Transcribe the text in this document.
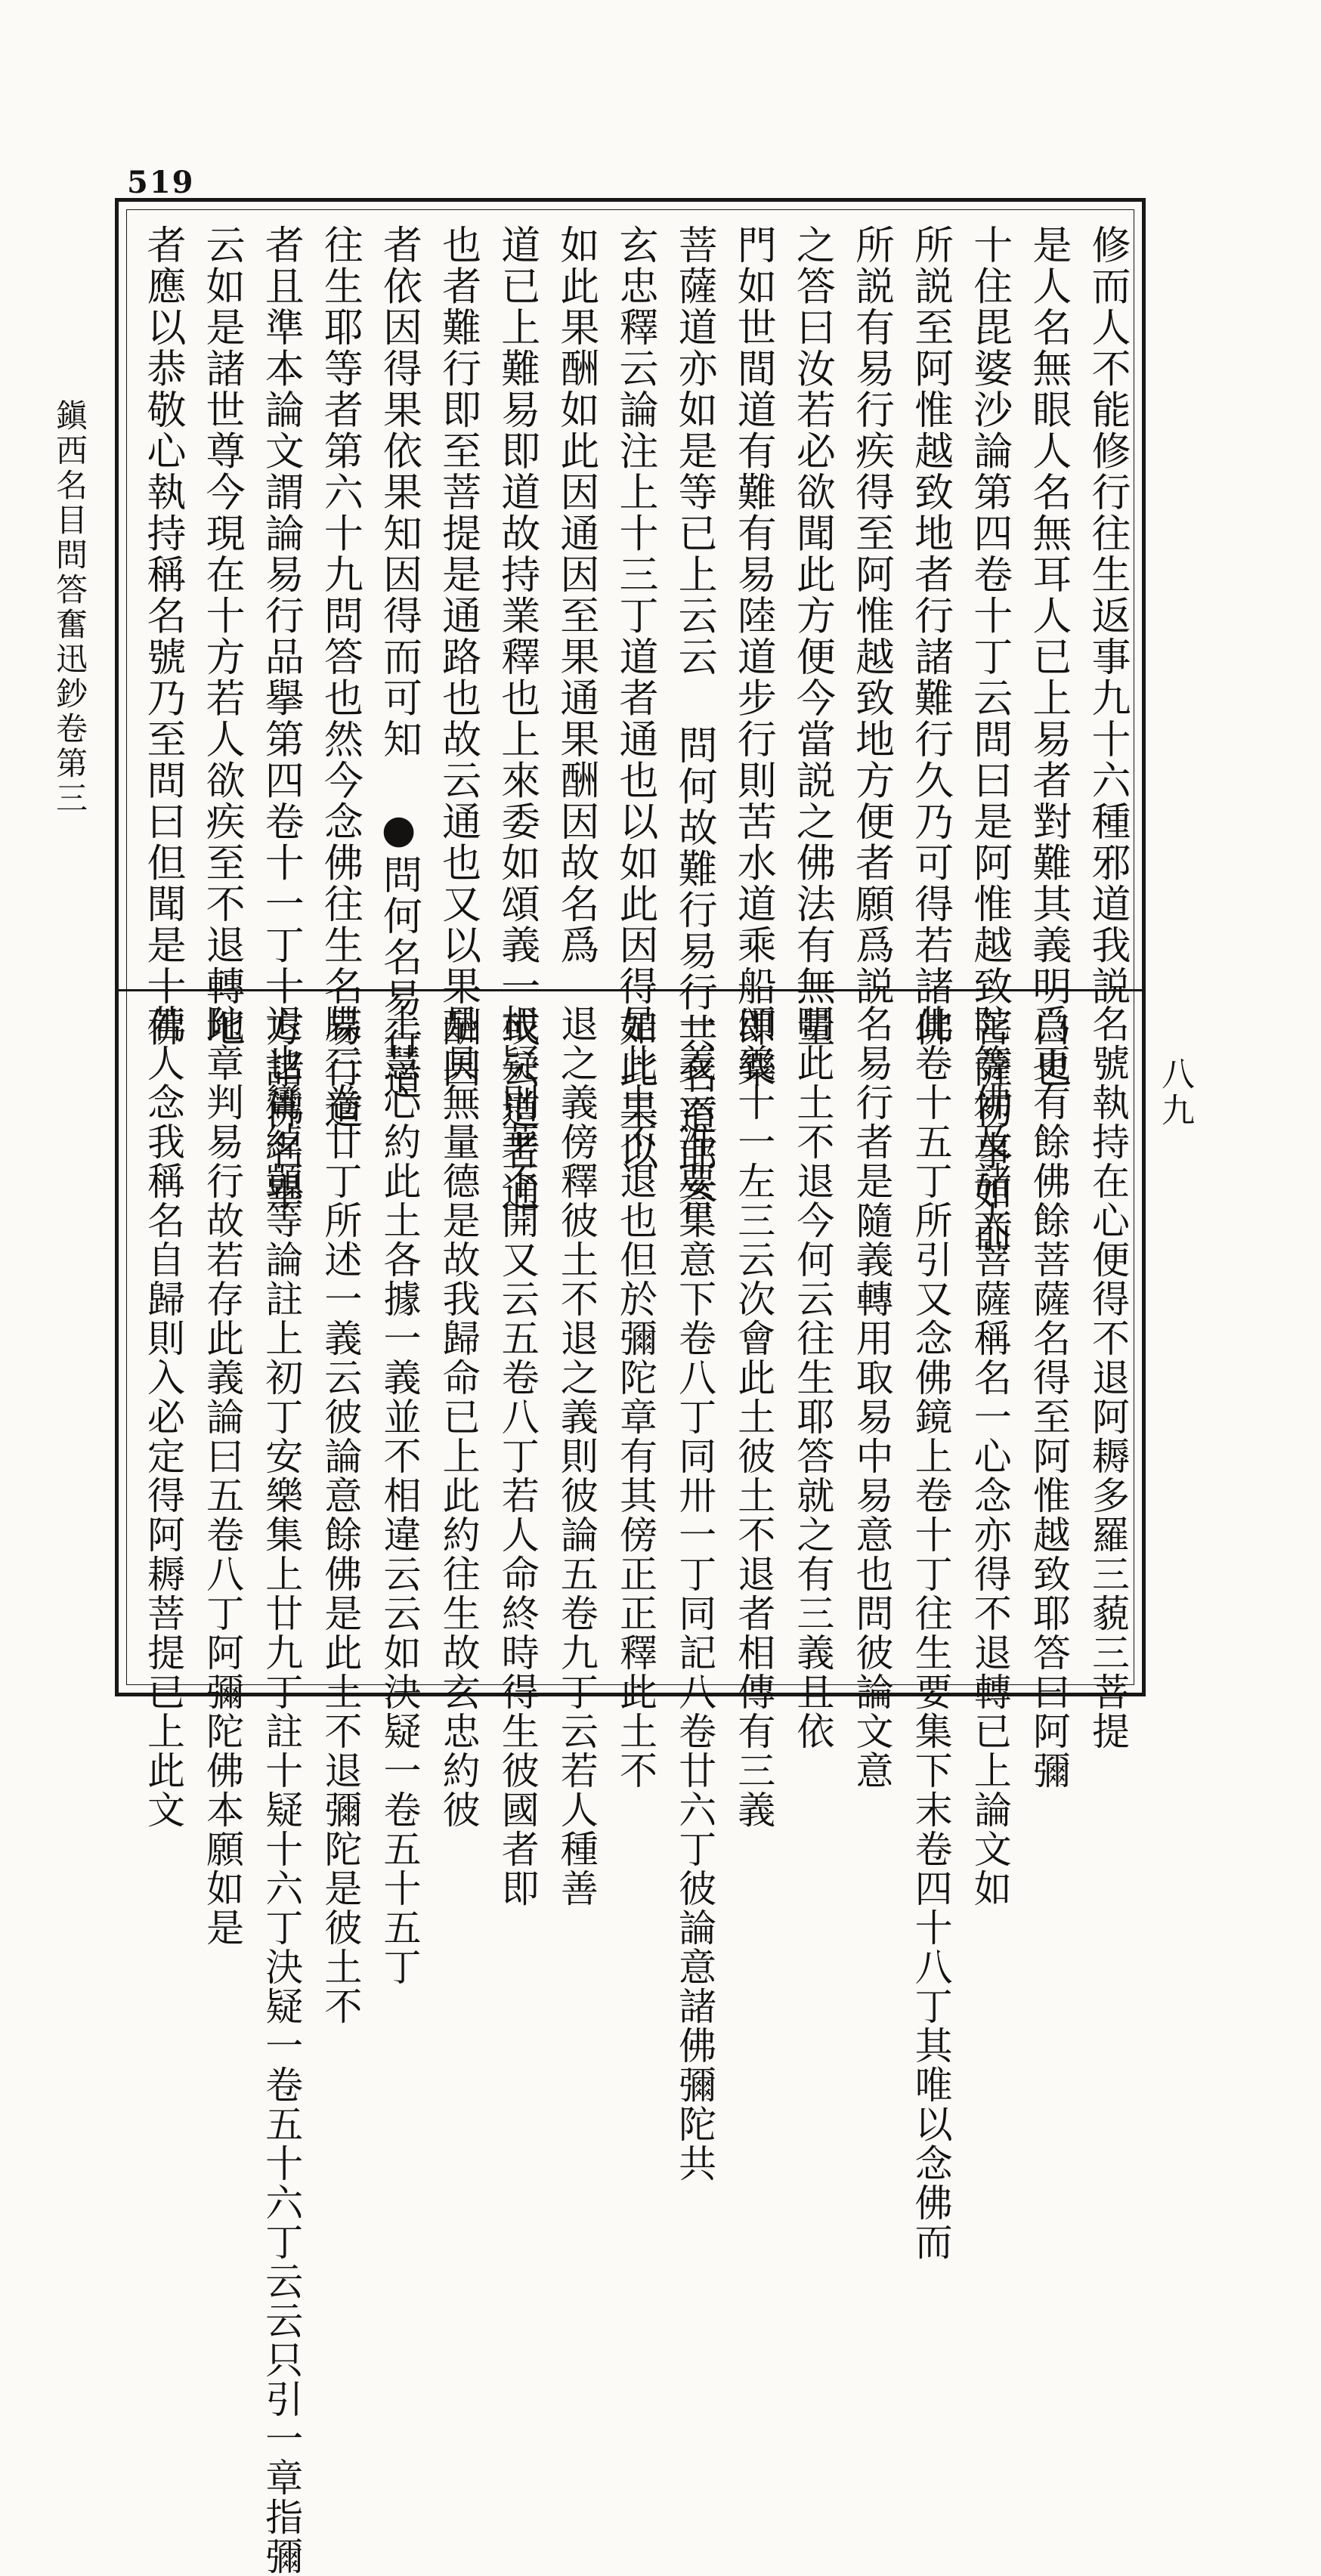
519
鎭西名目問答奮迅鈔卷第三
八九
修而人不能修行往生返事九十六種邪道我説
是人名無眼人名無耳人已上易者對難其義明白也
十住毘婆沙論第四卷十丁云問曰是阿惟越致菩薩初事如前
所説至阿惟越致地者行諸難行久乃可得若諸佛
所説有易行疾得至阿惟越致地方便者願爲説
之答曰汝若必欲聞此方便今當説之佛法有無量
門如世間道有難有易陸道步行則苦水道乘船即樂
菩薩道亦如是等已上云云 問何故難行易行共名道耶答
玄忠釋云論注上十三丁道者通也以如此因得如此果以
如此果酬如此因通因至果通果酬因故名爲
道已上難易即道故持業釋也上來委如頌義一或云道者通
也者難行即至菩提是通路也故云通也又以果酬因
者依因得果依果知因得而可知 ●問何名易行道
往生耶等者第六十九問答也然今念佛往生名易行道
者且準本論文謂論易行品擧第四卷十一丁十方諸佛名畢
云如是諸世尊今現在十方若人欲疾至不退轉地
者應以恭敬心執持稱名號乃至問曰但聞是十佛
名號執持在心便得不退阿耨多羅三藐三菩提
爲更有餘佛餘菩薩名得至阿惟越致耶答曰阿彌
陀等佛及諸大菩薩稱名一心念亦得不退轉已上論文如
此卷十五丁所引又念佛鏡上卷十丁往生要集下末卷四十八丁其唯以念佛而
名易行者是隨義轉用取易中易意也問彼論文意
明此土不退今何云往生耶答就之有三義且依
頌義十一左三云次會此土彼土不退者相傳有三義
一義云准要集意下卷八丁同卅一丁同記八卷廿六丁彼論意諸佛彌陀共
是此土不退也但於彌陀章有其傍正正釋此土不
退之義傍釋彼土不退之義則彼論五卷九丁云若人種善
根疑則華不開又云五卷八丁若人命終時得生彼國者即
是具無量德是故我歸命已上此約往生故玄忠約彼
土慧心約此土各據一義並不相違云云如決疑一卷五十五丁
牒三卷廿丁所述一義云彼論意餘佛是此土不退彌陀是彼土不
退也鸞綽顗等論註上初丁安樂集上廿九丁註十疑十六丁決疑一卷五十六丁云云只引一章指彌
陀章判易行故若存此義論曰五卷八丁阿彌陀佛本願如是
若人念我稱名自歸則入必定得阿耨菩提已上此文
